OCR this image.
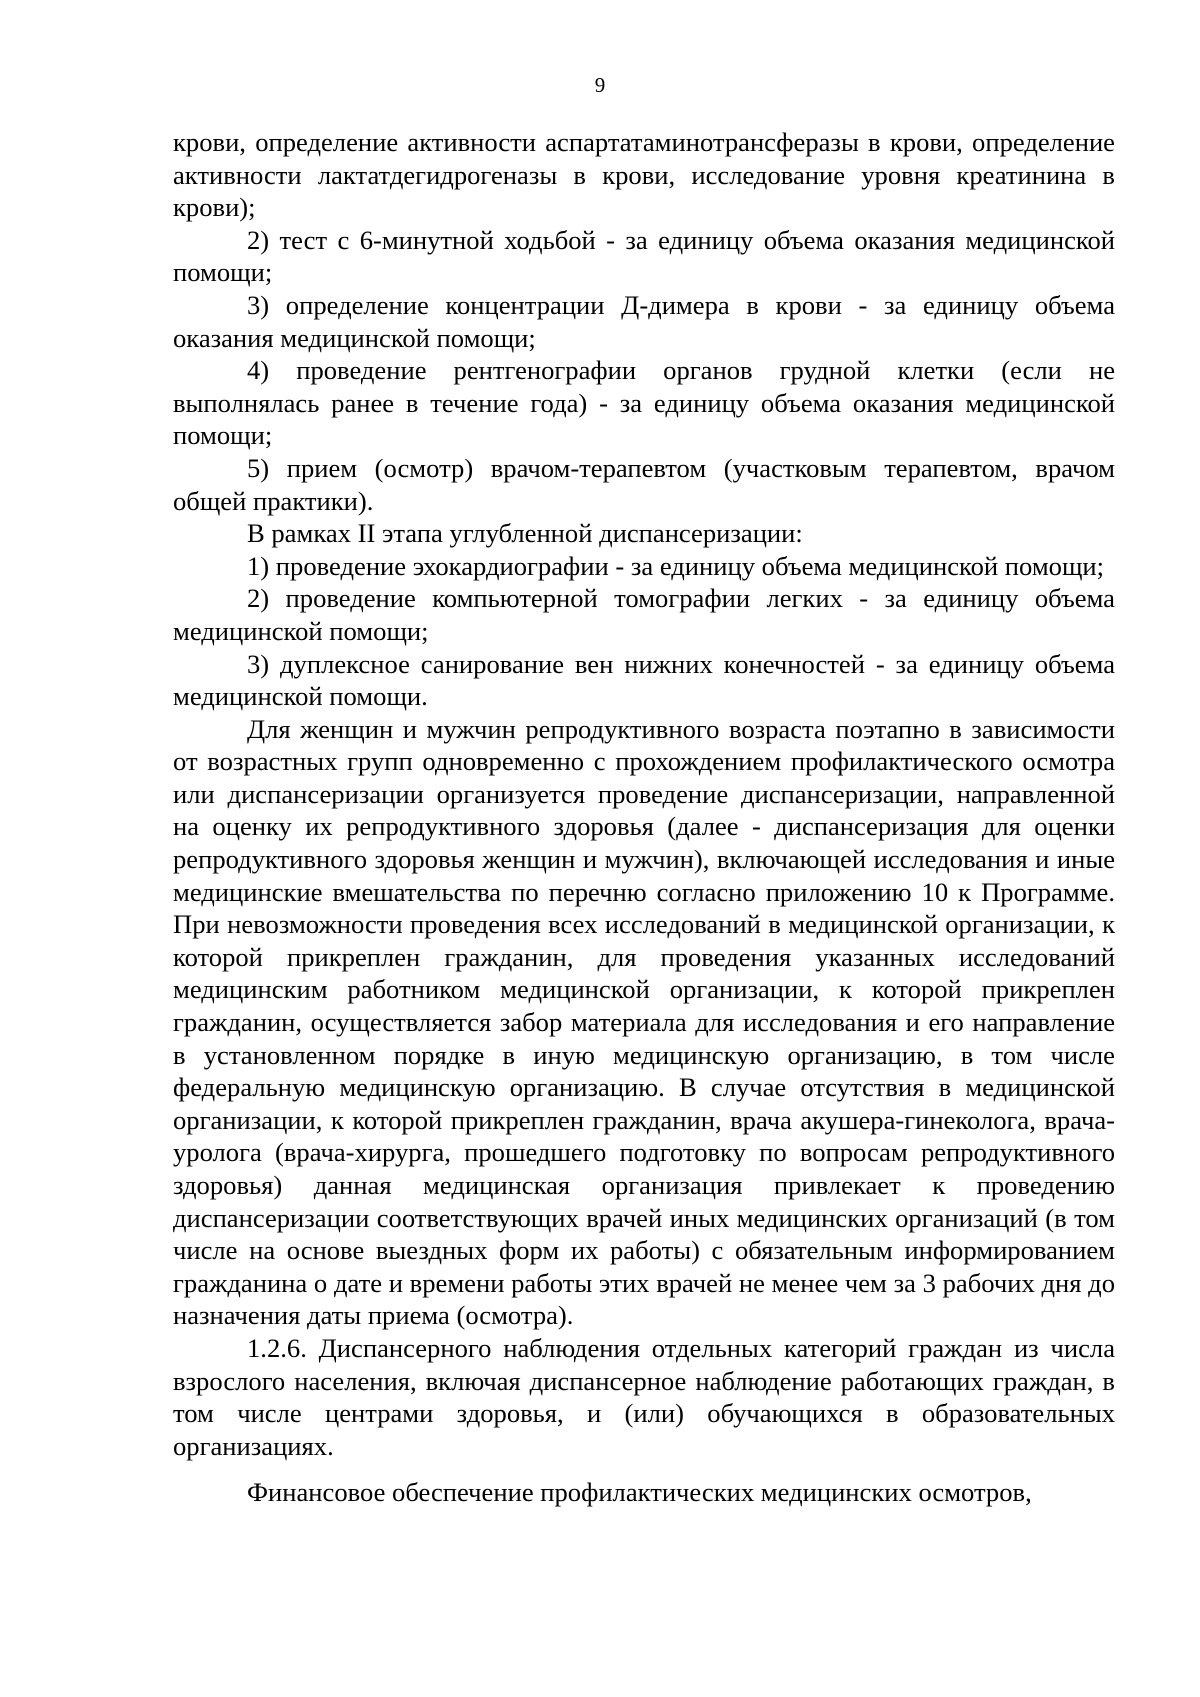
9

крови, определение активности аспартатаминотрансферазы в крови, определение активности лактатдегидрогеназы в крови, исследование уровня креатинина в крови);

2) тест с 6-минутной ходьбой - за единицу объема оказания медицинской помощи;

3) определение концентрации Д-димера в крови - за единицу объема оказания медицинской помощи;

4) проведение рентгенографии органов грудной клетки (если не выполнялась ранее в течение года) - за единицу объема оказания медицинской помощи;

5) прием (осмотр) врачом-терапевтом (участковым терапевтом, врачом общей практики).

В рамках II этапа углубленной диспансеризации:

1) проведение эхокардиографии - за единицу объема медицинской помощи;

2) проведение компьютерной томографии легких - за единицу объема медицинской помощи;

3) дуплексное санирование вен нижних конечностей - за единицу объема медицинской помощи.

Для женщин и мужчин репродуктивного возраста поэтапно в зависимости от возрастных групп одновременно с прохождением профилактического осмотра или диспансеризации организуется проведение диспансеризации, направленной на оценку их репродуктивного здоровья (далее - диспансеризация для оценки репродуктивного здоровья женщин и мужчин), включающей исследования и иные медицинские вмешательства по перечню согласно приложению 10 к Программе. При невозможности проведения всех исследований в медицинской организации, к которой прикреплен гражданин, для проведения указанных исследований медицинским работником медицинской организации, к которой прикреплен гражданин, осуществляется забор материала для исследования и его направление в установленном порядке в иную медицинскую организацию, в том числе федеральную медицинскую организацию. В случае отсутствия в медицинской организации, к которой прикреплен гражданин, врача акушера-гинеколога, врача-уролога (врача-хирурга, прошедшего подготовку по вопросам репродуктивного здоровья) данная медицинская организация привлекает к проведению диспансеризации соответствующих врачей иных медицинских организаций (в том числе на основе выездных форм их работы) с обязательным информированием гражданина о дате и времени работы этих врачей не менее чем за 3 рабочих дня до назначения даты приема (осмотра).

1.2.6. Диспансерного наблюдения отдельных категорий граждан из числа взрослого населения, включая диспансерное наблюдение работающих граждан, в том числе центрами здоровья, и (или) обучающихся в образовательных организациях.

Финансовое обеспечение профилактических медицинских осмотров,
